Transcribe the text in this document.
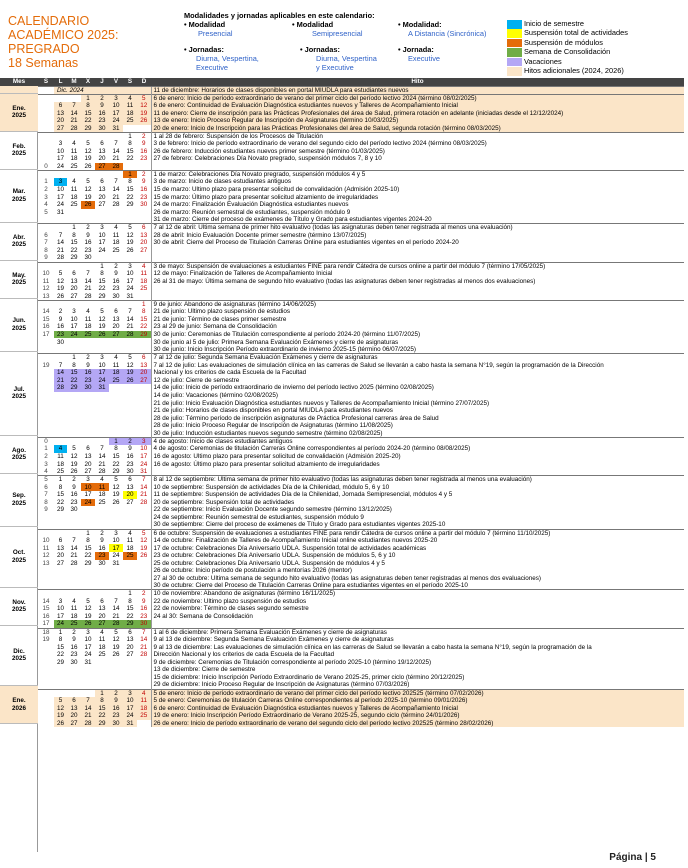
CALENDARIO
ACADÉMICO 2025:
PREGRADO
18 Semanas
Modalidades y jornadas aplicables en este calendario:
• Modalidad
Presencial
• Modalidad
Semipresencial
• Modalidad:
A Distancia (Sincrónica)
• Jornadas:
Diurna, Vespertina,
Executive
• Jornadas:
Diurna, Vespertina
y Executive
• Jornada:
Executive
Inicio de semestre
Suspensión total de actividades
Suspensión de módulos
Semana de Consolidación
Vacaciones
Hitos adicionales (2024, 2026)
S	L	M	X	J	V	S	D	Hito
	Dic. 2024							11 de diciembre: Horarios de clases disponibles en portal MIUDLA para estudiantes nuevos
			1	2	3	4	5	6 de enero: Inicio de período extraordinario de verano del primer ciclo del período lectivo 2024 (término 08/02/2025)
	6	7	8	9	10	11	12	6 de enero: Continuidad de Evaluación Diagnóstica estudiantes nuevos y Talleres de Acompañamiento Inicial
	13	14	15	16	17	18	19	11 de enero: Cierre de inscripción para las Prácticas Profesionales del área de Salud, primera rotación en adelante (iniciadas desde el 12/12/2024)
	20	21	22	23	24	25	26	13 de enero: Inicio Proceso Regular de Inscripción de Asignaturas (término 10/03/2025)
	27	28	29	30	31			20 de enero: Inicio de Inscripción para las Prácticas Profesionales del área de Salud, segunda rotación (término 08/03/2025)
						1	2	1 al 28 de febrero: Suspensión de los Procesos de Titulación
	3	4	5	6	7	8	9	3 de febrero: Inicio de período extraordinario de verano del segundo ciclo del período lectivo 2024 (término 08/03/2025)
	10	11	12	13	14	15	16	26 de febrero: Inducción estudiantes nuevos primer semestre (término 01/03/2025)
	17	18	19	20	21	22	23	27 de febrero: Celebraciones Día Novato pregrado, suspensión módulos 7, 8 y 10
0	24	25	26	27	28			
						1	2	1 de marzo: Celebraciones Día Novato pregrado, suspensión módulos 4 y 5
1	3	4	5	6	7	8	9	3 de marzo: Inicio de clases estudiantes antiguos
2	10	11	12	13	14	15	16	15 de marzo: Último plazo para presentar solicitud de convalidación (Admisión 2025-10)
3	17	18	19	20	21	22	23	15 de marzo: Último plazo para presentar solicitud alzamiento de irregularidades
4	24	25	26	27	28	29	30	24 de marzo: Finalización Evaluación Diagnóstica estudiantes nuevos
5	31							26 de marzo: Reunión semestral de estudiantes, suspensión módulo 9
								31 de marzo: Cierre del proceso de exámenes de Título y Grado para estudiantes vigentes 2024-20
		1	2	3	4	5	6	7 al 12 de abril: Última semana de primer hito evaluativo (todas las asignaturas deben tener registrada al menos una evaluación)
6	7	8	9	10	11	12	13	28 de abril: Inicio Evaluación Docente primer semestre (término 13/07/2025)
7	14	15	16	17	18	19	20	30 de abril: Cierre del Proceso de Titulación Carreras Online para estudiantes vigentes en el período 2024-20
8	21	22	23	24	25	26	27	
9	28	29	30					
				1	2	3	4	3 de mayo: Suspensión de evaluaciones a estudiantes FINE para rendir Cátedra de cursos online a partir del módulo 7 (término 17/05/2025)
10	5	6	7	8	9	10	11	12 de mayo: Finalización de Talleres de Acompañamiento Inicial
11	12	13	14	15	16	17	18	26 al 31 de mayo: Última semana de segundo hito evaluativo (todas las asignaturas deben tener registradas al menos dos evaluaciones)
12	19	20	21	22	23	24	25	
13	26	27	28	29	30	31		
							1	9 de junio: Abandono de asignaturas (término 14/06/2025)
14	2	3	4	5	6	7	8	21 de junio: Último plazo suspensión de estudios
15	9	10	11	12	13	14	15	21 de junio: Término de clases primer semestre
16	16	17	18	19	20	21	22	23 al 29 de junio: Semana de Consolidación
17	23	24	25	26	27	28	29	30 de junio: Ceremonias de Titulación correspondiente al período 2024-20 (término 11/07/2025)
	30							30 de junio al 5 de julio: Primera Semana Evaluación Exámenes y cierre de asignaturas
								30 de junio: Inicio Inscripción Período extraordinario de invierno 2025-15 (término 06/07/2025)
		1	2	3	4	5	6	7 al 12 de julio: Segunda Semana Evaluación Exámenes y cierre de asignaturas
19	7	8	9	10	11	12	13	7 al 12 de julio: Las evaluaciones de simulación clínica en las carreras de Salud se llevarán a cabo hasta la semana N°19, según la programación de la Dirección
	14	15	16	17	18	19	20	Nacional y los criterios de cada Escuela de la Facultad
	21	22	23	24	25	26	27	12 de julio: Cierre de semestre
	28	29	30	31				14 de julio: Inicio de período extraordinario de invierno del período lectivo 2025 (término 02/08/2025)
								14 de julio: Vacaciones (término 02/08/2025)
								21 de julio: Inicio Evaluación Diagnóstica estudiantes nuevos y Talleres de Acompañamiento Inicial (término 27/07/2025)
								21 de julio: Horarios de clases disponibles en portal MIUDLA para estudiantes nuevos
								28 de julio: Término período de inscripción asignaturas de Práctica Profesional carreras área de Salud
								28 de julio: Inicio Proceso Regular de Inscripción de Asignaturas (término 11/08/2025)
								30 de julio: Inducción estudiantes nuevos segundo semestre (término 02/08/2025)
0					1	2	3	4 de agosto: Inicio de clases estudiantes antiguos
1	4	5	6	7	8	9	10	4 de agosto: Ceremonias de titulación Carreras Online correspondientes al período 2024-20 (término 08/08/2025)
2	11	12	13	14	15	16	17	16 de agosto: Último plazo para presentar solicitud de convalidación (Admisión 2025-20)
3	18	19	20	21	22	23	24	16 de agosto: Último plazo para presentar solicitud alzamiento de irregularidades
4	25	26	27	28	29	30	31	
5	1	2	3	4	5	6	7	8 al 12 de septiembre: Última semana de primer hito evaluativo (todas las asignaturas deben tener registrada al menos una evaluación)
6	8	9	10	11	12	13	14	10 de septiembre: Suspensión de actividades Día de la Chilenidad, módulo 5, 6 y 10
7	15	16	17	18	19	20	21	11 de septiembre: Suspensión de actividades Día de la Chilenidad, Jornada Semipresencial, módulos 4 y 5
8	22	23	24	25	26	27	28	20 de septiembre: Suspensión total de actividades
9	29	30						22 de septiembre: Inicio Evaluación Docente segundo semestre (término 13/12/2025)
								24 de septiembre: Reunión semestral de estudiantes, suspensión módulo 9
								30 de septiembre: Cierre del proceso de exámenes de Título y Grado para estudiantes vigentes 2025-10
			1	2	3	4	5	6 de octubre: Suspensión de evaluaciones a estudiantes FINE para rendir Cátedra de cursos online a partir del módulo 7 (término 11/10/2025)
10	6	7	8	9	10	11	12	14 de octubre: Finalización de Talleres de Acompañamiento Inicial online estudiantes nuevos 2025-20
11	13	14	15	16	17	18	19	17 de octubre: Celebraciones Día Aniversario UDLA. Suspensión total de actividades académicas
12	20	21	22	23	24	25	26	23 de octubre: Celebraciones Día Aniversario UDLA. Suspensión de módulos 5, 6 y 10
13	27	28	29	30	31			25 de octubre: Celebraciones Día Aniversario UDLA. Suspensión de módulos 4 y 5
								26 de octubre: Inicio período de postulación a mentorías 2026 (mentor)
								27 al 30 de octubre: Última semana de segundo hito evaluativo (todas las asignaturas deben tener registradas al menos dos evaluaciones)
								30 de octubre: Cierre del Proceso de Titulación Carreras Online para estudiantes vigentes en el período 2025-10
						1	2	10 de noviembre: Abandono de asignaturas (término 16/11/2025)
14	3	4	5	6	7	8	9	22 de noviembre: Último plazo suspensión de estudios
15	10	11	12	13	14	15	16	22 de noviembre: Término de clases segundo semestre
16	17	18	19	20	21	22	23	24 al 30: Semana de Consolidación
17	24	25	26	27	28	29	30	
18	1	2	3	4	5	6	7	1 al 6 de diciembre: Primera Semana Evaluación Exámenes y cierre de asignaturas
19	8	9	10	11	12	13	14	9 al 13 de diciembre: Segunda Semana Evaluación Exámenes y cierre de asignaturas
	15	16	17	18	19	20	21	9 al 13 de diciembre: Las evaluaciones de simulación clínica en las carreras de Salud se llevarán a cabo hasta la semana N°19, según la programación de la
	22	23	24	25	26	27	28	Dirección Nacional y los criterios de cada Escuela de la Facultad
	29	30	31					9 de diciembre: Ceremonias de Titulación correspondiente al período 2025-10 (término 19/12/2025)
								13 de diciembre: Cierre de semestre
								15 de diciembre: Inicio Inscripción Período Extraordinario de Verano 2025-25, primer ciclo (término 20/12/2025)
								29 de diciembre: Inicio Proceso Regular de Inscripción de Asignaturas (término 07/03/2026)
				1	2	3	4	5 de enero: Inicio de período extraordinario de verano del primer ciclo del período lectivo 202525 (término 07/02/2026)
	5	6	7	8	9	10	11	5 de enero: Ceremonias de titulación Carreras Online correspondientes al período 2025-10 (término 09/01/2026)
	12	13	14	15	16	17	18	6 de enero: Continuidad de Evaluación Diagnóstica estudiantes nuevos y Talleres de Acompañamiento Inicial
	19	20	21	22	23	24	25	19 de enero: Inicio Inscripción Período Extraordinario de Verano 2025-25, segundo ciclo (término 24/01/2026)
	26	27	28	29	30	31		26 de enero: Inicio de período extraordinario de verano del segundo ciclo del período lectivo 202525 (término 28/02/2026)
Mes
Ene.
2025
Feb.
2025
Mar.
2025
Abr.
2025
May.
2025
Jun.
2025
Jul.
2025
Ago.
2025
Sep.
2025
Oct.
2025
Nov.
2025
Dic.
2025
Ene.
2026
Página | 5
